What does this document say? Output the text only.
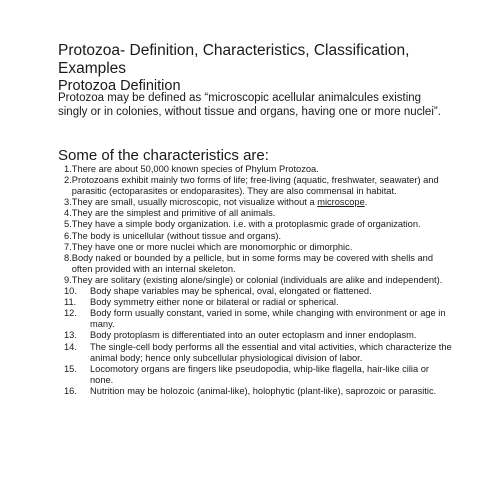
Protozoa- Definition, Characteristics, Classification, Examples
Protozoa Definition

Protozoa may be defined as “microscopic acellular animalcules existing singly or in colonies, without tissue and organs, having one or more nuclei”.

Some of the characteristics are:
1. There are about 50,000 known species of Phylum Protozoa.
2. Protozoans exhibit mainly two forms of life; free-living (aquatic, freshwater, seawater) and parasitic (ectoparasites or endoparasites). They are also commensal in habitat.
3. They are small, usually microscopic, not visualize without a microscope.
4. They are the simplest and primitive of all animals.
5. They have a simple body organization. i.e. with a protoplasmic grade of organization.
6. The body is unicellular (without tissue and organs).
7. They have one or more nuclei which are monomorphic or dimorphic.
8. Body naked or bounded by a pellicle, but in some forms may be covered with shells and often provided with an internal skeleton.
9. They are solitary (existing alone/single) or colonial (individuals are alike and independent).
10.	Body shape variables may be spherical, oval, elongated or flattened.
11.	Body symmetry either none or bilateral or radial or spherical.
12.	Body form usually constant, varied in some, while changing with environment or age in many.
13.	Body protoplasm is differentiated into an outer ectoplasm and inner endoplasm.
14.	The single-cell body performs all the essential and vital activities, which characterize the animal body; hence only subcellular physiological division of labor.
15.	Locomotory organs are fingers like pseudopodia, whip-like flagella, hair-like cilia or none.
16.	Nutrition may be holozoic (animal-like), holophytic (plant-like), saprozoic or parasitic.
